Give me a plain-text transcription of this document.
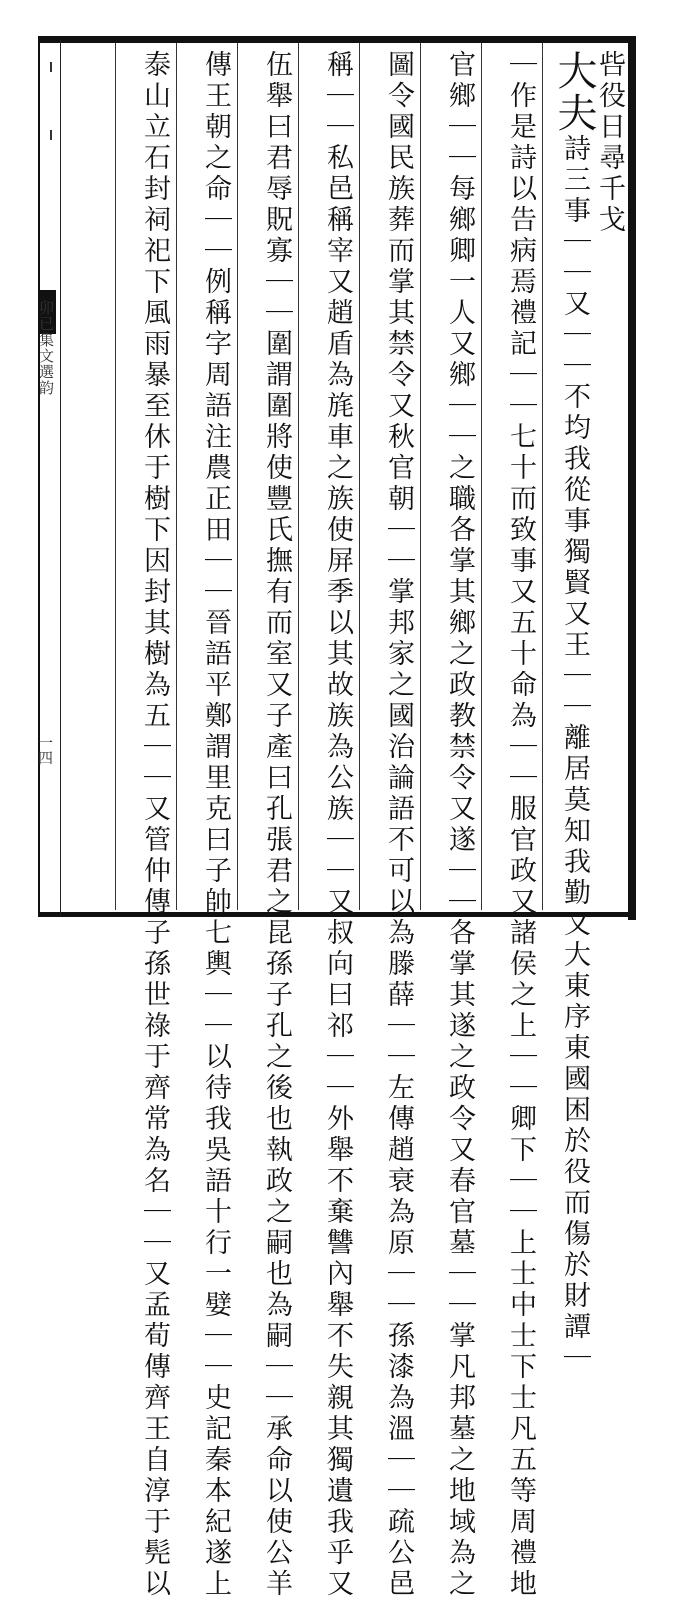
卯已集文選韵
一四
呰役日尋千戈
大夫詩三事｜｜又｜｜不均我從事獨賢又王｜｜離居莫知我勤又大東序東國困於役而傷於財譚｜
｜作是詩以告病焉禮記｜｜七十而致事又五十命為｜｜服官政又諸侯之上｜｜卿下｜｜上士中士下士凡五等周禮地
官鄉｜｜每鄉卿一人又鄉｜｜之職各掌其鄉之政教禁令又遂｜｜各掌其遂之政令又春官墓｜｜掌凡邦墓之地域為之
圖令國民族葬而掌其禁令又秋官朝｜｜掌邦家之國治論語不可以為滕薛｜｜左傳趙衰為原｜｜孫漆為溫｜｜疏公邑
稱｜｜私邑稱宰又趙盾為旄車之族使屏季以其故族為公族｜｜又叔向曰祁｜｜外舉不棄讐內舉不失親其獨遺我乎又
伍舉曰君辱貺寡｜｜圍謂圍將使豐氏撫有而室又子產曰孔張君之昆孫子孔之後也執政之嗣也為嗣｜｜承命以使公羊
傳王朝之命｜｜例稱字周語注農正田｜｜晉語平鄭謂里克曰子帥七輿｜｜以待我吳語十行一嬖｜｜史記秦本紀遂上
泰山立石封祠祀下風雨暴至休于樹下因封其樹為五｜｜又管仲傳子孫世祿于齊常為名｜｜又孟荀傳齊王自淳于髡以
